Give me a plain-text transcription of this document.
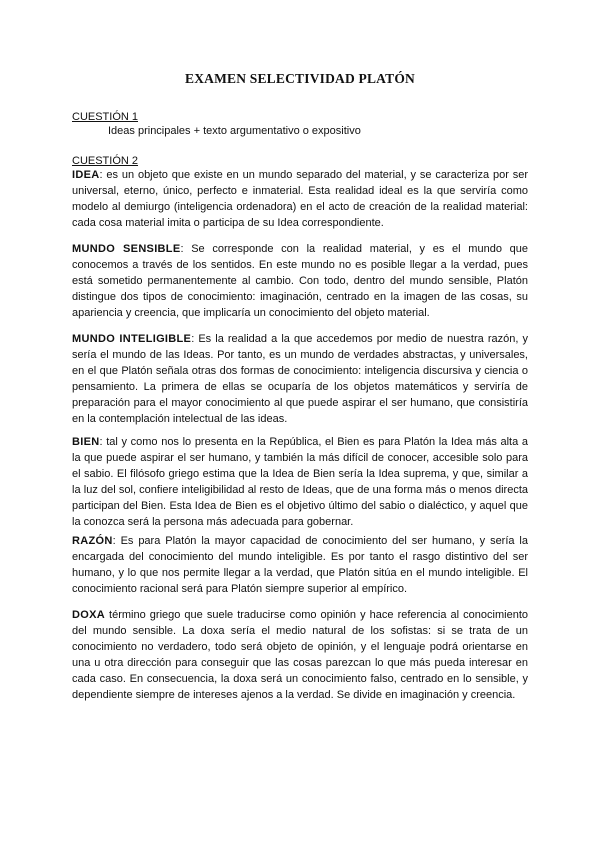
EXAMEN SELECTIVIDAD PLATÓN

CUESTIÓN 1

Ideas principales + texto argumentativo o expositivo

CUESTIÓN 2

IDEA: es un objeto que existe en un mundo separado del material, y se caracteriza por ser universal, eterno, único, perfecto e inmaterial. Esta realidad ideal es la que serviría como modelo al demiurgo (inteligencia ordenadora) en el acto de creación de la realidad material: cada cosa material imita o participa de su Idea correspondiente.

MUNDO SENSIBLE: Se corresponde con la realidad material, y es el mundo que conocemos a través de los sentidos. En este mundo no es posible llegar a la verdad, pues está sometido permanentemente al cambio. Con todo, dentro del mundo sensible, Platón distingue dos tipos de conocimiento: imaginación, centrado en la imagen de las cosas, su apariencia y creencia, que implicaría un conocimiento del objeto material.

MUNDO INTELIGIBLE: Es la realidad a la que accedemos por medio de nuestra razón, y sería el mundo de las Ideas. Por tanto, es un mundo de verdades abstractas, y universales, en el que Platón señala otras dos formas de conocimiento: inteligencia discursiva y ciencia o pensamiento. La primera de ellas se ocuparía de los objetos matemáticos y serviría de preparación para el mayor conocimiento al que puede aspirar el ser humano, que consistiría en la contemplación intelectual de las ideas.

BIEN: tal y como nos lo presenta en la República, el Bien es para Platón la Idea más alta a la que puede aspirar el ser humano, y también la más difícil de conocer, accesible solo para el sabio. El filósofo griego estima que la Idea de Bien sería la Idea suprema, y que, similar a la luz del sol, confiere inteligibilidad al resto de Ideas, que de una forma más o menos directa participan del Bien. Esta Idea de Bien es el objetivo último del sabio o dialéctico, y aquel que la conozca será la persona más adecuada para gobernar.

RAZÓN: Es para Platón la mayor capacidad de conocimiento del ser humano, y sería la encargada del conocimiento del mundo inteligible. Es por tanto el rasgo distintivo del ser humano, y lo que nos permite llegar a la verdad, que Platón sitúa en el mundo inteligible. El conocimiento racional será para Platón siempre superior al empírico.

DOXA término griego que suele traducirse como opinión y hace referencia al conocimiento del mundo sensible. La doxa sería el medio natural de los sofistas: si se trata de un conocimiento no verdadero, todo será objeto de opinión, y el lenguaje podrá orientarse en una u otra dirección para conseguir que las cosas parezcan lo que más pueda interesar en cada caso. En consecuencia, la doxa será un conocimiento falso, centrado en lo sensible, y dependiente siempre de intereses ajenos a la verdad. Se divide en imaginación y creencia.
